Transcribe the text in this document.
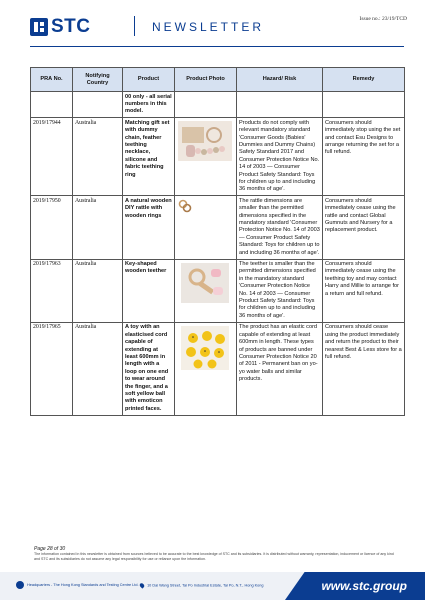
STC	NEWSLETTER
Issue no.: 23/19/TCD
PRA No.	Notifying Country	Product	Product Photo	Hazard/ Risk	Remedy
		00 only - all serial numbers in this model.			
2019/17944	Australia	Matching gift set with dummy chain, feather teething necklace, silicone and fabric teething ring		Products do not comply with relevant mandatory standard 'Consumer Goods (Babies' Dummies and Dummy Chains) Safety Standard 2017 and Consumer Protection Notice No. 14 of 2003 — Consumer Product Safety Standard: Toys for children up to and including 36 months of age'.	Consumers should immediately stop using the set and contact Esu Designs to arrange returning the set for a full refund.
2019/17950	Australia	A natural wooden DIY rattle with wooden rings		The rattle dimensions are smaller than the permitted dimensions specified in the mandatory standard 'Consumer Protection Notice No. 14 of 2003 — Consumer Product Safety Standard: Toys for children up to and including 36 months of age'.	Consumers should immediately cease using the rattle and contact Global Gumnuts and Nursery for a replacement product.
2019/17963	Australia	Key-shaped wooden teether		The teether is smaller than the permitted dimensions specified in the mandatory standard 'Consumer Protection Notice No. 14 of 2003 — Consumer Product Safety Standard: Toys for children up to and including 36 months of age'.	Consumers should immediately cease using the teething toy and may contact Harry and Millie to arrange for a return and full refund.
2019/17965	Australia	A toy with an elasticised cord capable of extending at least 600mm in length with a loop on one end to wear around the finger, and a soft yellow ball with emoticon printed faces.		The product has an elastic cord capable of extending at least 600mm in length. These types of products are banned under Consumer Protection Notice 20 of 2011 - Permanent ban on yo-yo water balls and similar products.	Consumers should cease using the product immediately and return the product to their nearest Best & Less store for a full refund.
Page 28 of 30
The information contained in this newsletter is obtained from sources believed to be accurate to the best knowledge of STC and its subsidiaries. It is distributed without warranty, representation, inducement or licence of any kind and STC and its subsidiaries do not assume any legal responsibility for use or reliance upon the information.
Headquarters - The Hong Kong Standards and Testing Centre Ltd.	10 Dai Wang Street, Tai Po Industrial Estate, Tai Po, N.T., Hong Kong	www.stc.group
